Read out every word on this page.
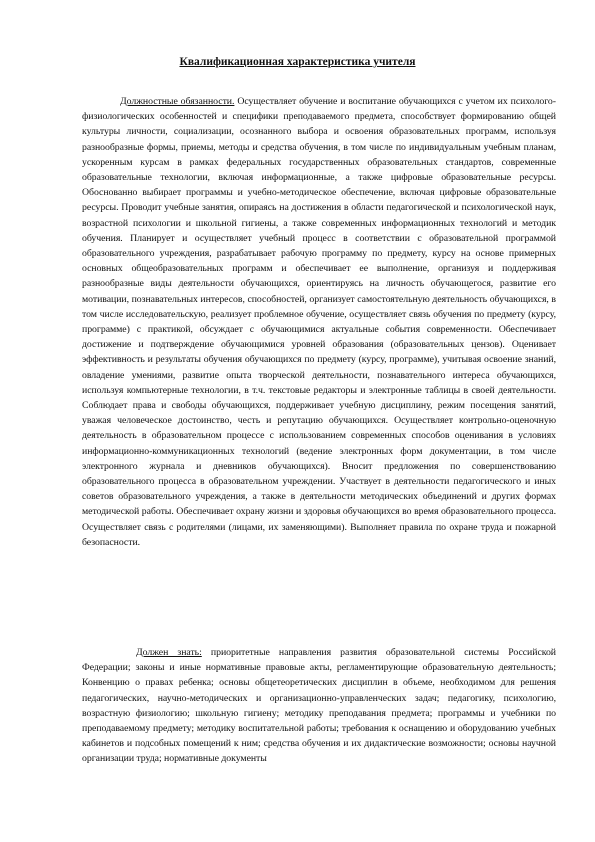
Квалификационная характеристика учителя
Должностные обязанности. Осуществляет обучение и воспитание обучающихся с учетом их психолого-физиологических особенностей и специфики преподаваемого предмета, способствует формированию общей культуры личности, социализации, осознанного выбора и освоения образовательных программ, используя разнообразные формы, приемы, методы и средства обучения, в том числе по индивидуальным учебным планам, ускоренным курсам в рамках федеральных государственных образовательных стандартов, современные образовательные технологии, включая информационные, а также цифровые образовательные ресурсы. Обоснованно выбирает программы и учебно-методическое обеспечение, включая цифровые образовательные ресурсы. Проводит учебные занятия, опираясь на достижения в области педагогической и психологической наук, возрастной психологии и школьной гигиены, а также современных информационных технологий и методик обучения. Планирует и осуществляет учебный процесс в соответствии с образовательной программой образовательного учреждения, разрабатывает рабочую программу по предмету, курсу на основе примерных основных общеобразовательных программ и обеспечивает ее выполнение, организуя и поддерживая разнообразные виды деятельности обучающихся, ориентируясь на личность обучающегося, развитие его мотивации, познавательных интересов, способностей, организует самостоятельную деятельность обучающихся, в том числе исследовательскую, реализует проблемное обучение, осуществляет связь обучения по предмету (курсу, программе) с практикой, обсуждает с обучающимися актуальные события современности. Обеспечивает достижение и подтверждение обучающимися уровней образования (образовательных цензов). Оценивает эффективность и результаты обучения обучающихся по предмету (курсу, программе), учитывая освоение знаний, овладение умениями, развитие опыта творческой деятельности, познавательного интереса обучающихся, используя компьютерные технологии, в т.ч. текстовые редакторы и электронные таблицы в своей деятельности. Соблюдает права и свободы обучающихся, поддерживает учебную дисциплину, режим посещения занятий, уважая человеческое достоинство, честь и репутацию обучающихся. Осуществляет контрольно-оценочную деятельность в образовательном процессе с использованием современных способов оценивания в условиях информационно-коммуникационных технологий (ведение электронных форм документации, в том числе электронного журнала и дневников обучающихся). Вносит предложения по совершенствованию образовательного процесса в образовательном учреждении. Участвует в деятельности педагогического и иных советов образовательного учреждения, а также в деятельности методических объединений и других формах методической работы. Обеспечивает охрану жизни и здоровья обучающихся во время образовательного процесса. Осуществляет связь с родителями (лицами, их заменяющими). Выполняет правила по охране труда и пожарной безопасности.
Должен знать: приоритетные направления развития образовательной системы Российской Федерации; законы и иные нормативные правовые акты, регламентирующие образовательную деятельность; Конвенцию о правах ребенка; основы общетеоретических дисциплин в объеме, необходимом для решения педагогических, научно-методических и организационно-управленческих задач; педагогику, психологию, возрастную физиологию; школьную гигиену; методику преподавания предмета; программы и учебники по преподаваемому предмету; методику воспитательной работы; требования к оснащению и оборудованию учебных кабинетов и подсобных помещений к ним; средства обучения и их дидактические возможности; основы научной организации труда; нормативные документы
